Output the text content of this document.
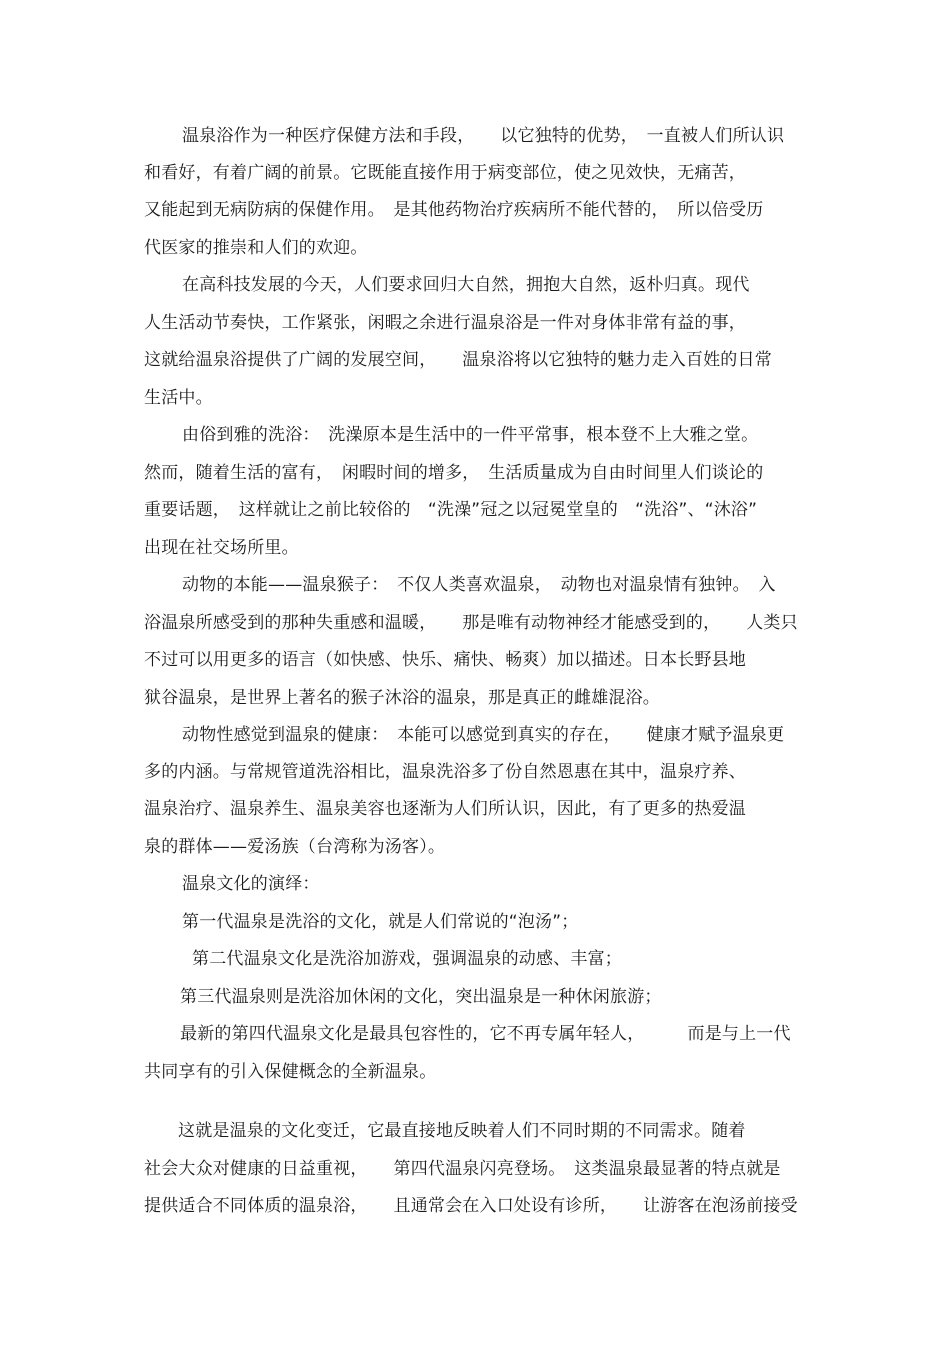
温泉浴作为一种医疗保健方法和手段，　　以它独特的优势，　一直被人们所认识
和看好，有着广阔的前景。它既能直接作用于病变部位，使之见效快，无痛苦，
又能起到无病防病的保健作用。　是其他药物治疗疾病所不能代替的，　所以倍受历
代医家的推崇和人们的欢迎。
在高科技发展的今天，人们要求回归大自然，拥抱大自然，返朴归真。现代
人生活动节奏快，工作紧张，闲暇之余进行温泉浴是一件对身体非常有益的事，
这就给温泉浴提供了广阔的发展空间，　　温泉浴将以它独特的魅力走入百姓的日常
生活中。
由俗到雅的洗浴：　洗澡原本是生活中的一件平常事，根本登不上大雅之堂。
然而，随着生活的富有，　闲暇时间的增多，　生活质量成为自由时间里人们谈论的
重要话题，　这样就让之前比较俗的　“洗澡”冠之以冠冕堂皇的　“洗浴”、“沐浴”
出现在社交场所里。
动物的本能——温泉猴子：　不仅人类喜欢温泉，　动物也对温泉情有独钟。　入
浴温泉所感受到的那种失重感和温暖，　　那是唯有动物神经才能感受到的，　　人类只
不过可以用更多的语言（如快感、快乐、痛快、畅爽）加以描述。日本长野县地
狱谷温泉，是世界上著名的猴子沐浴的温泉，那是真正的雌雄混浴。
动物性感觉到温泉的健康：　本能可以感觉到真实的存在，　　健康才赋予温泉更
多的内涵。与常规管道洗浴相比，温泉洗浴多了份自然恩惠在其中，温泉疗养、
温泉治疗、温泉养生、温泉美容也逐渐为人们所认识，因此，有了更多的热爱温
泉的群体——爱汤族（台湾称为汤客）。
温泉文化的演绎：
第一代温泉是洗浴的文化，就是人们常说的“泡汤”；
第二代温泉文化是洗浴加游戏，强调温泉的动感、丰富；
第三代温泉则是洗浴加休闲的文化，突出温泉是一种休闲旅游；
最新的第四代温泉文化是最具包容性的，它不再专属年轻人，　　　而是与上一代
共同享有的引入保健概念的全新温泉。
这就是温泉的文化变迁，它最直接地反映着人们不同时期的不同需求。随着
社会大众对健康的日益重视，　　第四代温泉闪亮登场。　这类温泉最显著的特点就是
提供适合不同体质的温泉浴，　　且通常会在入口处设有诊所，　　让游客在泡汤前接受
